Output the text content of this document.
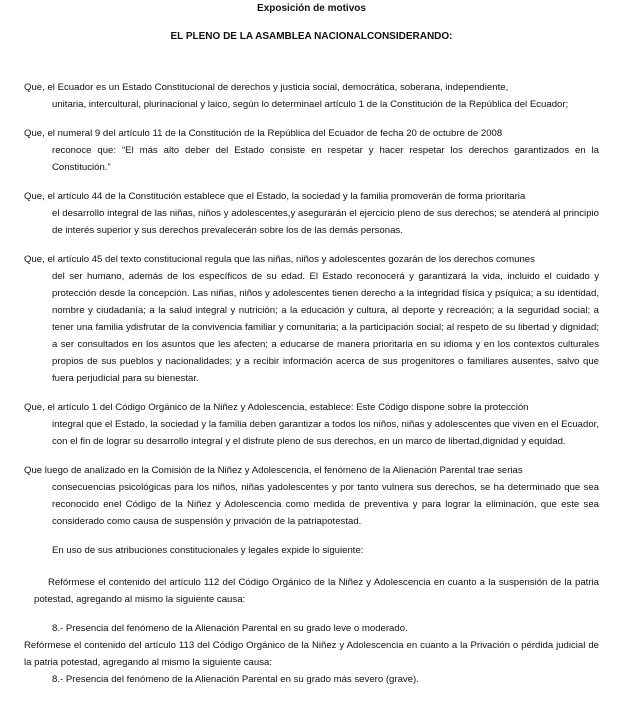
Exposición de motivos

EL PLENO DE LA ASAMBLEA NACIONALCONSIDERANDO:

Que, el Ecuador es un Estado Constitucional de derechos y justicia social, democrática, soberana, independiente,
unitaria, intercultural, plurinacional y laico, según lo determinael artículo 1 de la Constitución de la República del Ecuador;
Que, el numeral 9 del artículo 11 de la Constitución de la República del Ecuador de fecha 20 de octubre de 2008
reconoce que: “El más alto deber del Estado consiste en respetar y hacer respetar los derechos garantizados en la Constitución.”
Que, el artículo 44 de la Constitución establece que el Estado, la sociedad y la familia promoverán de forma prioritaria
el desarrollo integral de las niñas, niños y adolescentes,y asegurarán el ejercicio pleno de sus derechos; se atenderá al principio de interés superior y sus derechos prevalecerán sobre los de las demás personas.
Que, el artículo 45 del texto constitucional regula que las niñas, niños y adolescentes gozarán de los derechos comunes
del ser humano, además de los específicos de su edad. El Estado reconocerá y garantizará la vida, incluido el cuidado y protección desde la concepción. Las niñas, niños y adolescentes tienen derecho a la integridad física y psíquica; a su identidad, nombre y ciudadanía; a la salud integral y nutrición; a la educación y cultura, al deporte y recreación; a la seguridad social; a tener una familia ydisfrutar de la convivencia familiar y comunitaria; a la participación social; al respeto de su libertad y dignidad; a ser consultados en los asuntos que les afecten; a educarse de manera prioritaria en su idioma y en los contextos culturales propios de sus pueblos y nacionalidades; y a recibir información acerca de sus progenitores o familiares ausentes, salvo que fuera perjudicial para su bienestar.
Que, el artículo 1 del Código Orgánico de la Niñez y Adolescencia, establece: Este Código dispone sobre la protección
integral que el Estado, la sociedad y la familia deben garantizar a todos los niños, niñas y adolescentes que viven en el Ecuador, con el fin de lograr su desarrollo integral y el disfrute pleno de sus derechos, en un marco de libertad,dignidad y equidad.
Que luego de analizado en la Comisión de la Niñez y Adolescencia, el fenómeno de la Alienación Parental trae serias
consecuencias psicológicas para los niños, niñas yadolescentes y por tanto vulnera sus derechos, se ha determinado que sea reconocido enel Código de la Niñez y Adolescencia como medida de preventiva y para lograr la eliminación, que este sea considerado como causa de suspensión y privación de la patriapotestad.

En uso de sus atribuciones constitucionales y legales expide lo siguiente:

Refórmese el contenido del artículo 112 del Código Orgánico de la Niñez y Adolescencia en cuanto a la suspensión de la patria potestad, agregando al mismo la siguiente causa:

8.- Presencia del fenómeno de la Alienación Parental en su grado leve o moderado.

Refórmese el contenido del artículo 113 del Código Orgánico de la Niñez y Adolescencia en cuanto a la Privación o pérdida judicial de la patria potestad, agregando al mismo la siguiente causa:

8.- Presencia del fenómeno de la Alienación Parental en su grado más severo (grave).
